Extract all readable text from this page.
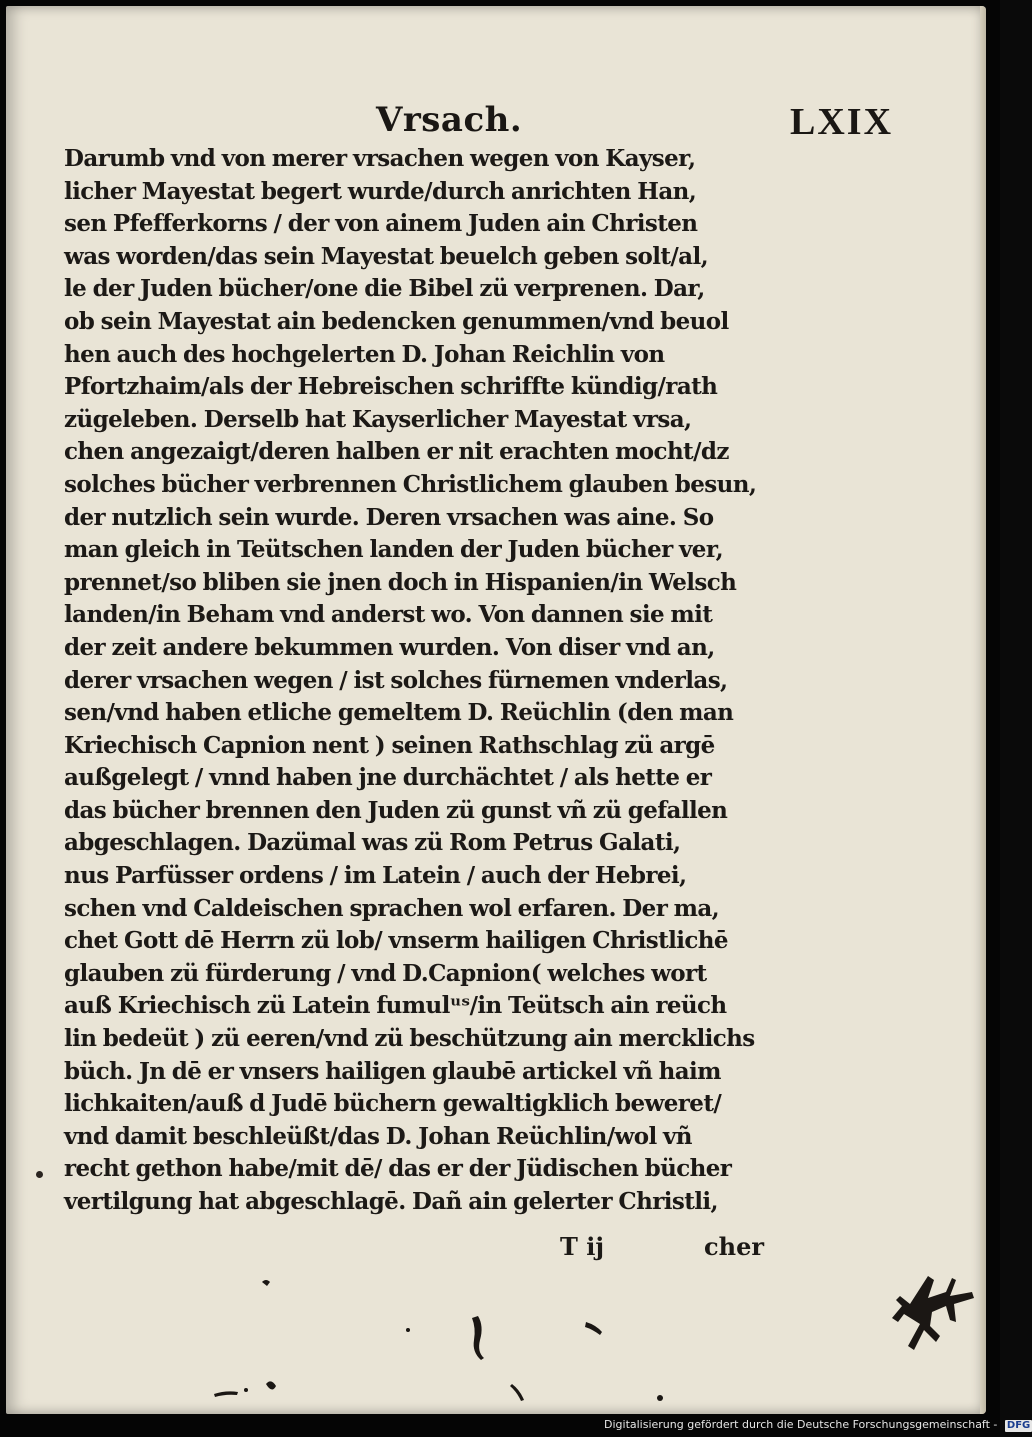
Vrsach.	LXIX
Darumb vnd von merer vrsachen wegen von Kayser,
licher Mayestat begert wurde/durch anrichten Han,
sen Pfefferkorns / der von ainem Juden ain Christen
was worden/das sein Mayestat beuelch geben solt/al,
le der Juden bücher/one die Bibel zü verprenen. Dar,
ob sein Mayestat ain bedencken genummen/vnd beuol
hen auch des hochgelerten D. Johan Reichlin von
Pfortzhaim/als der Hebreischen schriffte kündig/rath
zügeleben. Derselb hat Kayserlicher Mayestat vrsa,
chen angezaigt/deren halben er nit erachten mocht/dz
solches bücher verbrennen Christlichem glauben besun,
der nutzlich sein wurde. Deren vrsachen was aine. So
man gleich in Teütschen landen der Juden bücher ver,
prennet/so bliben sie jnen doch in Hispanien/in Welsch
landen/in Beham vnd anderst wo. Von dannen sie mit
der zeit andere bekummen wurden. Von diser vnd an,
derer vrsachen wegen / ist solches fürnemen vnderlas,
sen/vnd haben etliche gemeltem D. Reüchlin (den man
Kriechisch Capnion nent ) seinen Rathschlag zü argē
außgelegt / vnnd haben jne durchächtet / als hette er
das bücher brennen den Juden zü gunst vñ zü gefallen
abgeschlagen. Dazümal was zü Rom Petrus Galati,
nus Parfüsser ordens / im Latein / auch der Hebrei,
schen vnd Caldeischen sprachen wol erfaren. Der ma,
chet Gott dē Herrn zü lob/ vnserm hailigen Christlichē
glauben zü fürderung / vnd D.Capnion( welches wort
auß Kriechisch zü Latein fumulᵘˢ/in Teütsch ain reüch
lin bedeüt ) zü eeren/vnd zü beschützung ain mercklichs
büch. Jn dē er vnsers hailigen glaubē artickel vñ haim
lichkaiten/auß d Judē büchern gewaltigklich beweret/
vnd damit beschleüßt/das D. Johan Reüchlin/wol vñ
recht gethon habe/mit dē/ das er der Jüdischen bücher
vertilgung hat abgeschlagē. Dañ ain gelerter Christli,
T ij	cher
Digitalisierung gefördert durch die Deutsche Forschungsgemeinschaft - DFG
